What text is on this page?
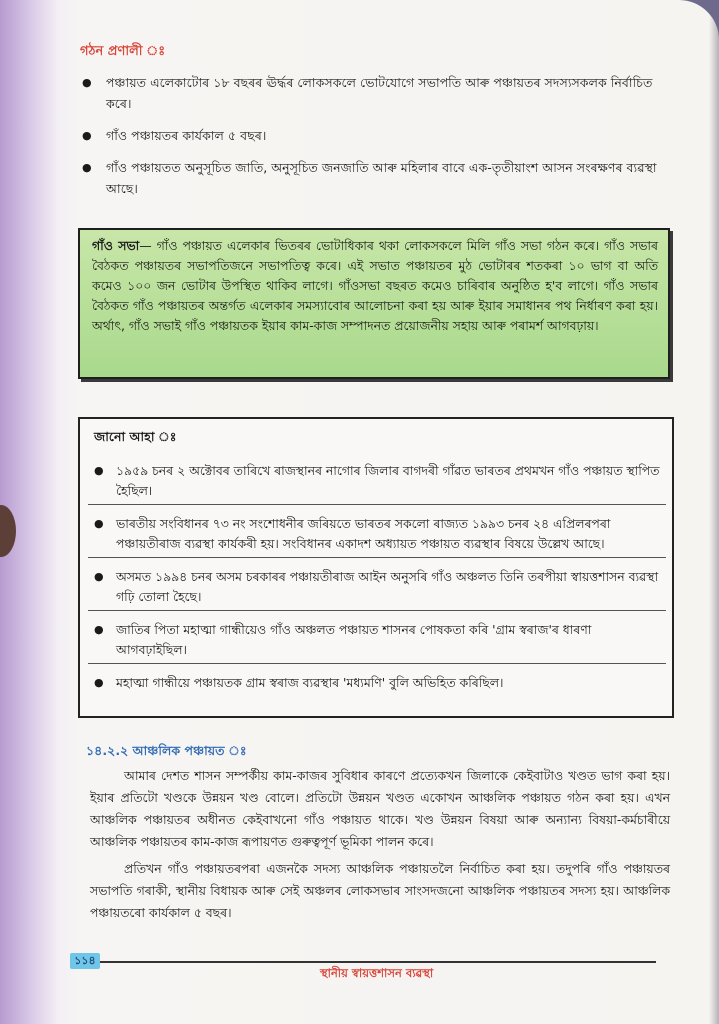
গঠন প্ৰণালী ঃ
● পঞ্চায়ত এলেকাটোৰ ১৮ বছৰৰ ঊৰ্দ্ধৰ লোকসকলে ভোটযোগে সভাপতি আৰু পঞ্চায়তৰ সদস্যসকলক নিৰ্বাচিত কৰে।
● গাঁও পঞ্চায়তৰ কাৰ্যকাল ৫ বছৰ।
● গাঁও পঞ্চায়তত অনুসূচিত জাতি, অনুসূচিত জনজাতি আৰু মহিলাৰ বাবে এক-তৃতীয়াংশ আসন সংৰক্ষণৰ ব্যৱস্থা আছে।
গাঁও সভা— গাঁও পঞ্চায়ত এলেকাৰ ভিতৰৰ ভোটাধিকাৰ থকা লোকসকলে মিলি গাঁও সভা গঠন কৰে। গাঁও সভাৰ বৈঠকত পঞ্চায়তৰ সভাপতিজনে সভাপতিত্ব কৰে। এই সভাত পঞ্চায়তৰ মুঠ ভোটাৰৰ শতকৰা ১০ ভাগ বা অতি কমেও ১০০ জন ভোটাৰ উপস্থিত থাকিব লাগে। গাঁওসভা বছৰত কমেও চাৰিবাৰ অনুষ্ঠিত হ'ব লাগে। গাঁও সভাৰ বৈঠকত গাঁও পঞ্চায়তৰ অন্তৰ্গত এলেকাৰ সমস্যাবোৰ আলোচনা কৰা হয় আৰু ইয়াৰ সমাধানৰ পথ নিৰ্ধাৰণ কৰা হয়। অৰ্থাৎ, গাঁও সভাই গাঁও পঞ্চায়তক ইয়াৰ কাম-কাজ সম্পাদনত প্ৰয়োজনীয় সহায় আৰু পৰামৰ্শ আগবঢ়ায়।
জানো আহা ঃ
● ১৯৫৯ চনৰ ২ অক্টোবৰ তাৰিখে ৰাজস্থানৰ নাগোৰ জিলাৰ বাগদৰী গাঁৱত ভাৰতৰ প্ৰথমখন গাঁও পঞ্চায়ত স্থাপিত হৈছিল।
● ভাৰতীয় সংবিধানৰ ৭৩ নং সংশোধনীৰ জৰিয়তে ভাৰতৰ সকলো ৰাজ্যত ১৯৯৩ চনৰ ২৪ এপ্ৰিলৰপৰা পঞ্চায়তীৰাজ ব্যৱস্থা কাৰ্যকৰী হয়। সংবিধানৰ একাদশ অধ্যায়ত পঞ্চায়ত ব্যৱস্থাৰ বিষয়ে উল্লেখ আছে।
● অসমত ১৯৯৪ চনৰ অসম চৰকাৰৰ পঞ্চায়তীৰাজ আইন অনুসৰি গাঁও অঞ্চলত তিনি তৰপীয়া স্বায়ত্তশাসন ব্যৱস্থা গঢ়ি তোলা হৈছে।
● জাতিৰ পিতা মহাত্মা গান্ধীয়েও গাঁও অঞ্চলত পঞ্চায়ত শাসনৰ পোষকতা কৰি 'গ্ৰাম স্বৰাজ'ৰ ধাৰণা আগবঢ়াইছিল।
● মহাত্মা গান্ধীয়ে পঞ্চায়তক গ্ৰাম স্বৰাজ ব্যৱস্থাৰ 'মধ্যমণি' বুলি অভিহিত কৰিছিল।
১৪.২.২ আঞ্চলিক পঞ্চায়ত ঃ
আমাৰ দেশত শাসন সম্পৰ্কীয় কাম-কাজৰ সুবিধাৰ কাৰণে প্ৰত্যেকখন জিলাকে কেইবাটাও খণ্ডত ভাগ কৰা হয়। ইয়াৰ প্ৰতিটো খণ্ডকে উন্নয়ন খণ্ড বোলে। প্ৰতিটো উন্নয়ন খণ্ডত একোখন আঞ্চলিক পঞ্চায়ত গঠন কৰা হয়। এখন আঞ্চলিক পঞ্চায়তৰ অধীনত কেইবাখনো গাঁও পঞ্চায়ত থাকে। খণ্ড উন্নয়ন বিষয়া আৰু অন্যান্য বিষয়া-কৰ্মচাৰীয়ে আঞ্চলিক পঞ্চায়তৰ কাম-কাজ ৰূপায়ণত গুৰুত্বপূৰ্ণ ভূমিকা পালন কৰে।
প্ৰতিখন গাঁও পঞ্চায়তৰপৰা এজনকৈ সদস্য আঞ্চলিক পঞ্চায়তলৈ নিৰ্বাচিত কৰা হয়। তদুপৰি গাঁও পঞ্চায়তৰ সভাপতি গৰাকী, স্থানীয় বিধায়ক আৰু সেই অঞ্চলৰ লোকসভাৰ সাংসদজনো আঞ্চলিক পঞ্চায়তৰ সদস্য হয়। আঞ্চলিক পঞ্চায়তৰো কাৰ্যকাল ৫ বছৰ।
১১৪
স্থানীয় স্বায়ত্তশাসন ব্যৱস্থা
